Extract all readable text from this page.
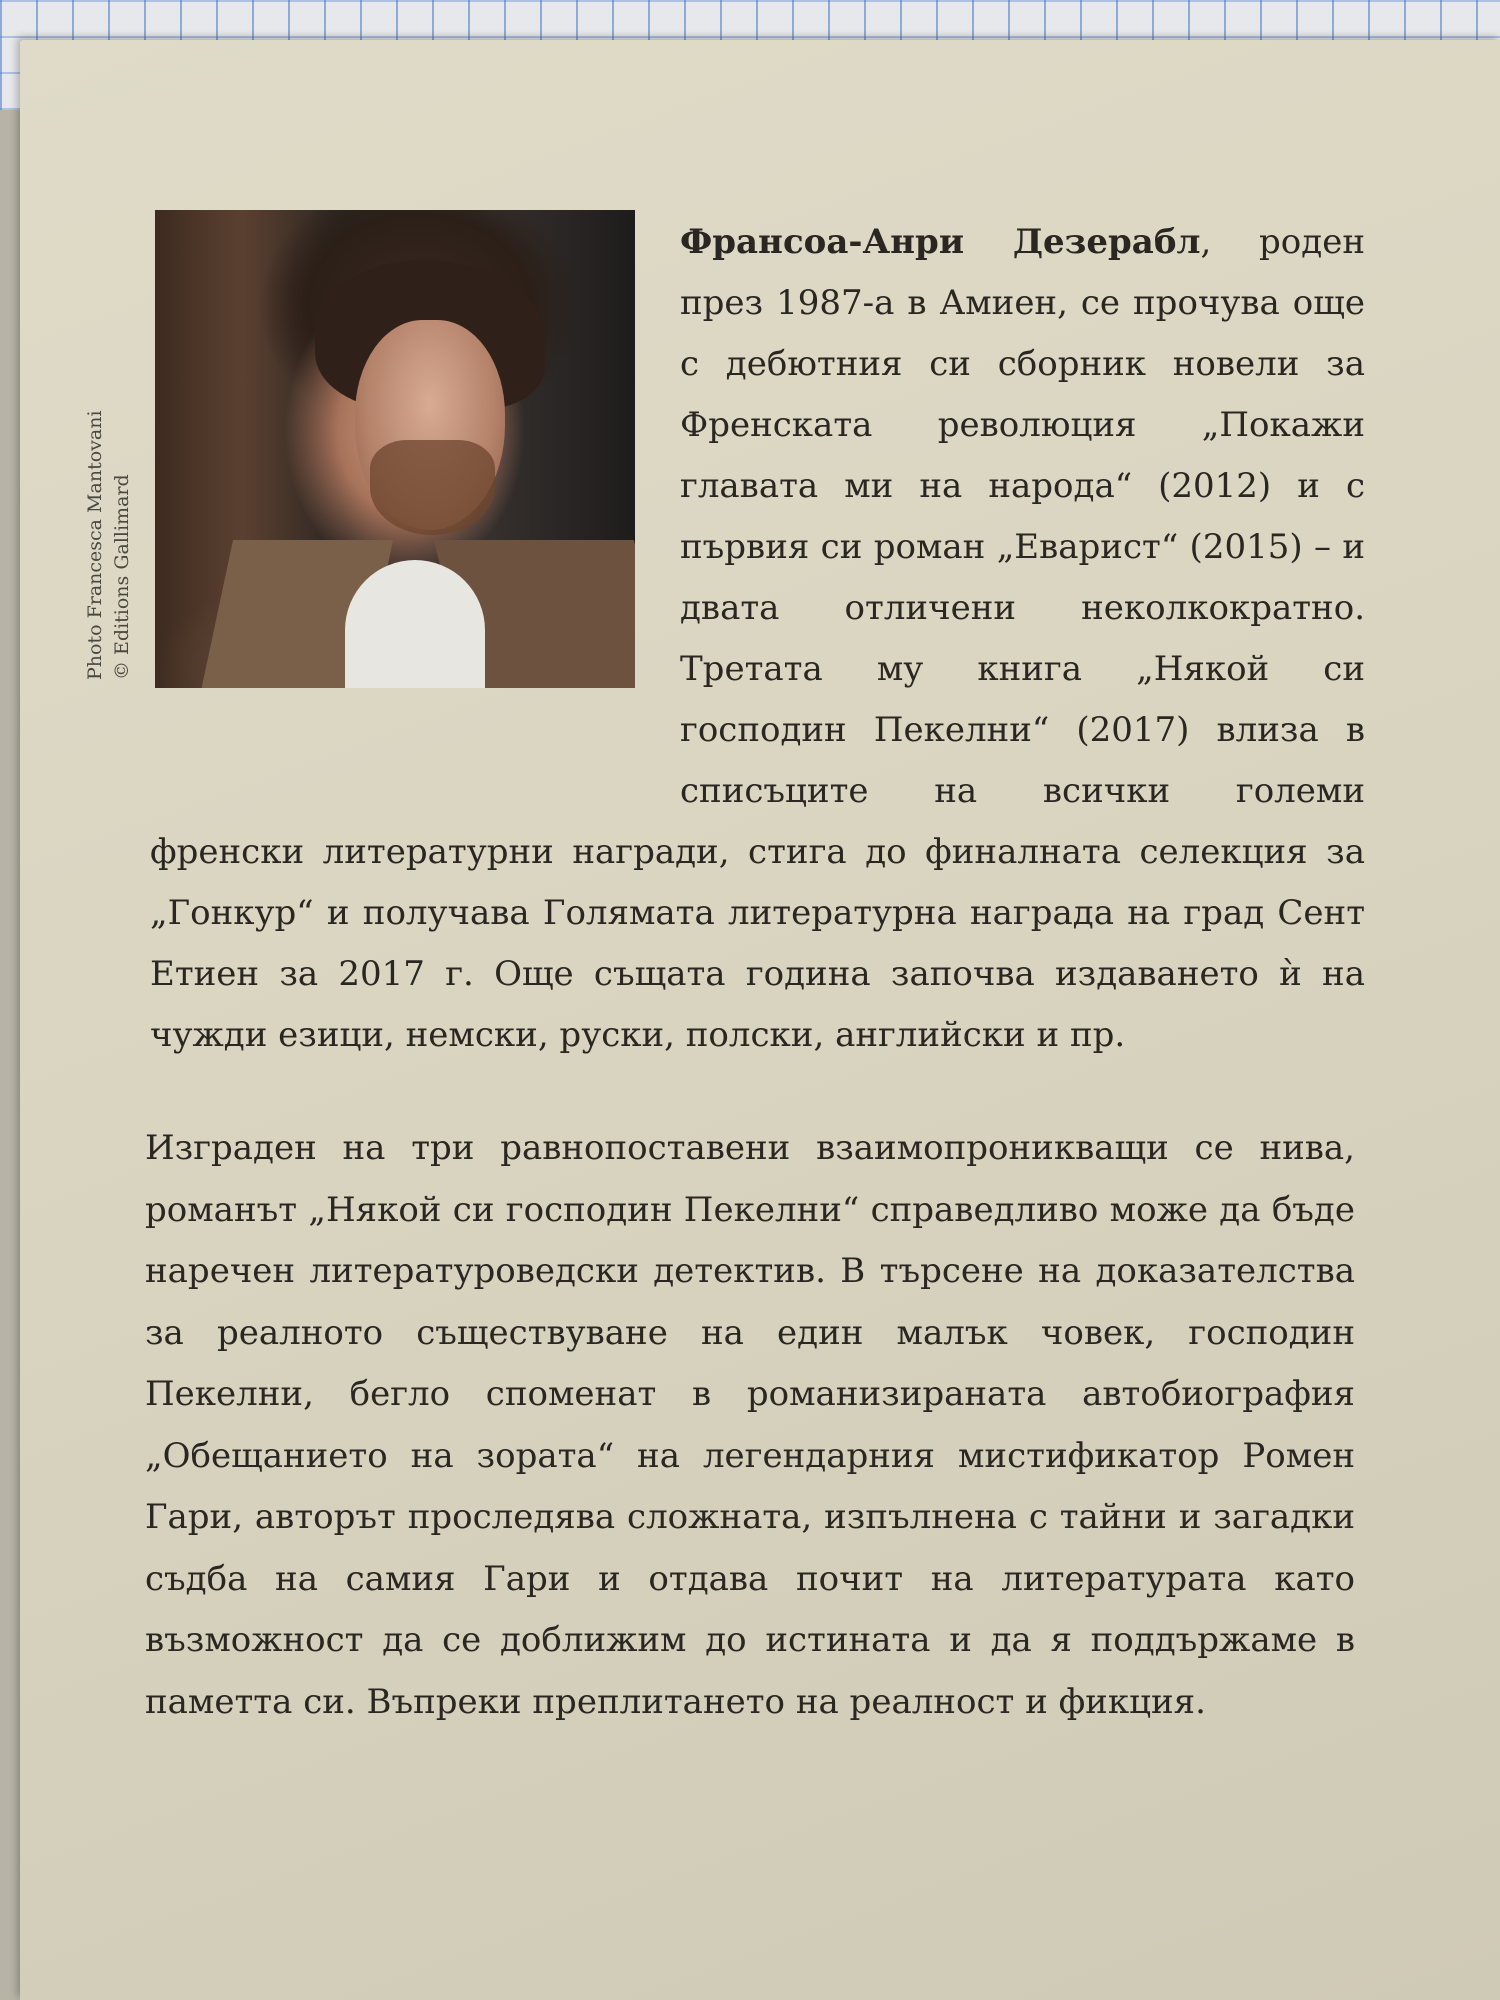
Photo Francesca Mantovani © Editions Gallimard

Франсоа-Анри Дезерабл, роден през 1987-а в Амиен, се прочува още с дебютния си сборник новели за Френската революция „Покажи главата ми на народа“ (2012) и с първия си роман „Еварист“ (2015) – и двата отличени неколкократно. Третата му книга „Някой си господин Пекелни“ (2017) влиза в списъците на всички големи френски литературни награди, стига до финалната селекция за „Гонкур“ и получава Голямата литературна награда на град Сент Етиен за 2017 г. Още същата година започва издаването ѝ на чужди езици, немски, руски, полски, английски и пр.

Изграден на три равнопоставени взаимопроникващи се нива, романът „Някой си господин Пекелни“ справедливо може да бъде наречен литературоведски детектив. В търсене на доказателства за реалното съществуване на един малък човек, господин Пекелни, бегло споменат в романизираната автобиография „Обещанието на зората“ на легендарния мистификатор Ромен Гари, авторът проследява сложната, изпълнена с тайни и загадки съдба на самия Гари и отдава почит на литературата като възможност да се доближим до истината и да я поддържаме в паметта си. Въпреки преплитането на реалност и фикция.
